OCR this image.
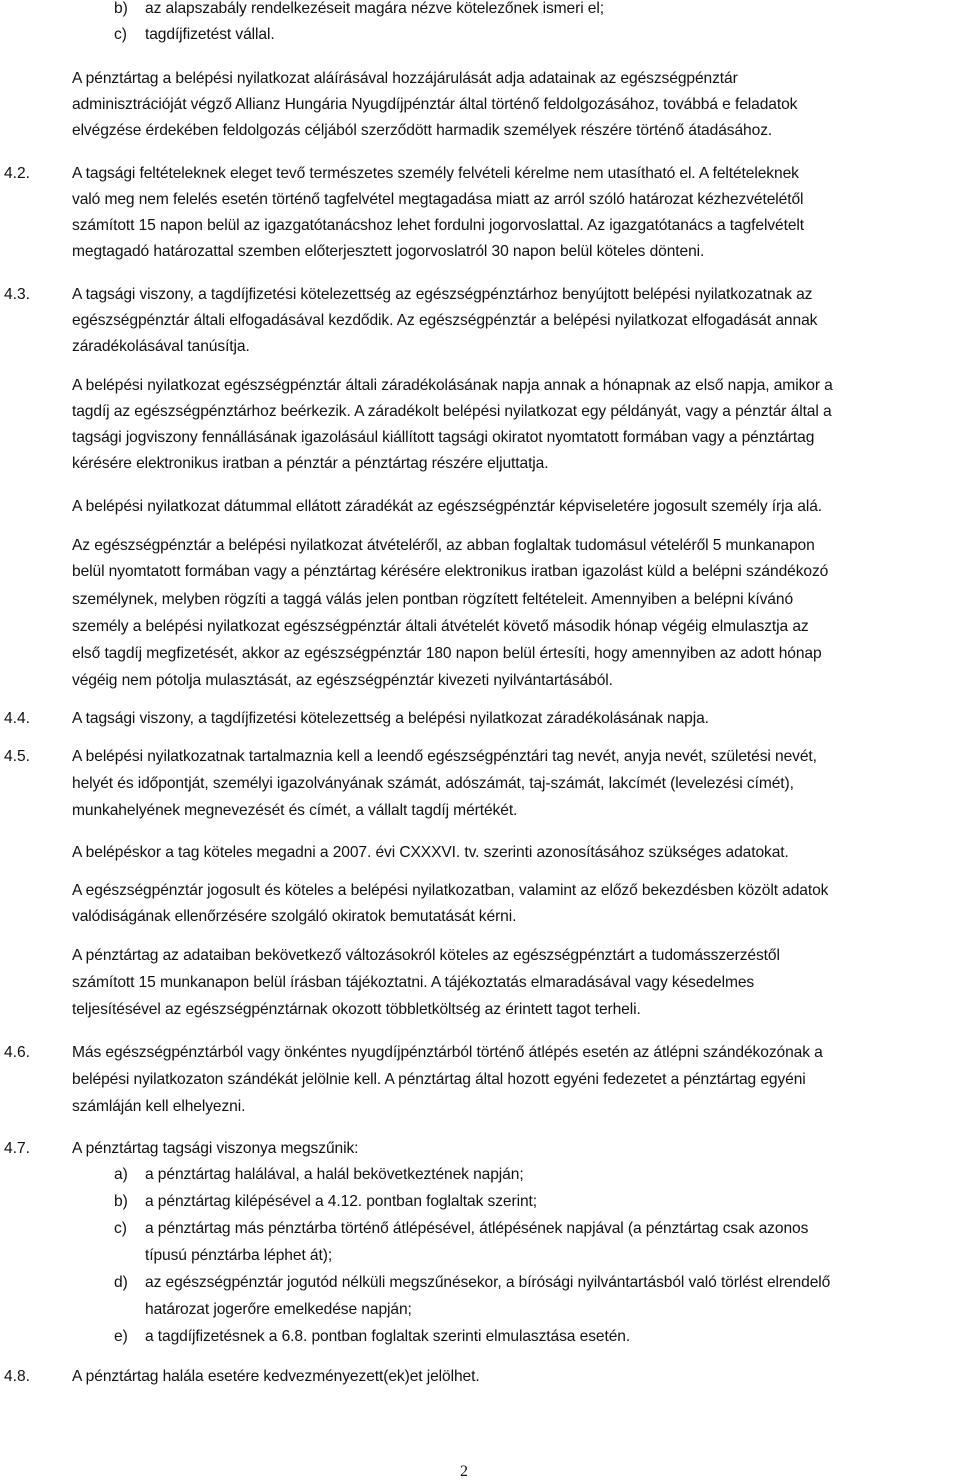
b) az alapszabály rendelkezéseit magára nézve kötelezőnek ismeri el;
c) tagdíjfizetést vállal.
A pénztártag a belépési nyilatkozat aláírásával hozzájárulását adja adatainak az egészségpénztár
adminisztrációját végző Allianz Hungária Nyugdíjpénztár által történő feldolgozásához, továbbá e feladatok
elvégzése érdekében feldolgozás céljából szerződött harmadik személyek részére történő átadásához.
4.2.	A tagsági feltételeknek eleget tevő természetes személy felvételi kérelme nem utasítható el. A feltételeknek
való meg nem felelés esetén történő tagfelvétel megtagadása miatt az arról szóló határozat kézhezvételétől
számított 15 napon belül az igazgatótanácshoz lehet fordulni jogorvoslattal. Az igazgatótanács a tagfelvételt
megtagadó határozattal szemben előterjesztett jogorvoslatról 30 napon belül köteles dönteni.
4.3.	A tagsági viszony, a tagdíjfizetési kötelezettség az egészségpénztárhoz benyújtott belépési nyilatkozatnak az
egészségpénztár általi elfogadásával kezdődik. Az egészségpénztár a belépési nyilatkozat elfogadását annak
záradékolásával tanúsítja.
A belépési nyilatkozat egészségpénztár általi záradékolásának napja annak a hónapnak az első napja, amikor a
tagdíj az egészségpénztárhoz beérkezik. A záradékolt belépési nyilatkozat egy példányát, vagy a pénztár által a
tagsági jogviszony fennállásának igazolásául kiállított tagsági okiratot nyomtatott formában vagy a pénztártag
kérésére elektronikus iratban a pénztár a pénztártag részére eljuttatja.
A belépési nyilatkozat dátummal ellátott záradékát az egészségpénztár képviseletére jogosult személy írja alá.
Az egészségpénztár a belépési nyilatkozat átvételéről, az abban foglaltak tudomásul vételéről 5 munkanapon
belül nyomtatott formában vagy a pénztártag kérésére elektronikus iratban igazolást küld a belépni szándékozó
személynek, melyben rögzíti a taggá válás jelen pontban rögzített feltételeit. Amennyiben a belépni kívánó
személy a belépési nyilatkozat egészségpénztár általi átvételét követő második hónap végéig elmulasztja az
első tagdíj megfizetését, akkor az egészségpénztár 180 napon belül értesíti, hogy amennyiben az adott hónap
végéig nem pótolja mulasztását, az egészségpénztár kivezeti nyilvántartásából.
4.4.	A tagsági viszony, a tagdíjfizetési kötelezettség a belépési nyilatkozat záradékolásának napja.
4.5.	A belépési nyilatkozatnak tartalmaznia kell a leendő egészségpénztári tag nevét, anyja nevét, születési nevét,
helyét és időpontját, személyi igazolványának számát, adószámát, taj-számát, lakcímét (levelezési címét),
munkahelyének megnevezését és címét, a vállalt tagdíj mértékét.
A belépéskor a tag köteles megadni a 2007. évi CXXXVI. tv. szerinti azonosításához szükséges adatokat.
A egészségpénztár jogosult és köteles a belépési nyilatkozatban, valamint az előző bekezdésben közölt adatok
valódiságának ellenőrzésére szolgáló okiratok bemutatását kérni.
A pénztártag az adataiban bekövetkező változásokról köteles az egészségpénztárt a tudomásszerzéstől
számított 15 munkanapon belül írásban tájékoztatni. A tájékoztatás elmaradásával vagy késedelmes
teljesítésével az egészségpénztárnak okozott többletköltség az érintett tagot terheli.
4.6.	Más egészségpénztárból vagy önkéntes nyugdíjpénztárból történő átlépés esetén az átlépni szándékozónak a
belépési nyilatkozaton szándékát jelölnie kell. A pénztártag által hozott egyéni fedezetet a pénztártag egyéni
számláján kell elhelyezni.
4.7.	A pénztártag tagsági viszonya megszűnik:
a) a pénztártag halálával, a halál bekövetkeztének napján;
b) a pénztártag kilépésével a 4.12. pontban foglaltak szerint;
c) a pénztártag más pénztárba történő átlépésével, átlépésének napjával (a pénztártag csak azonos
típusú pénztárba léphet át);
d) az egészségpénztár jogutód nélküli megszűnésekor, a bírósági nyilvántartásból való törlést elrendelő
határozat jogerőre emelkedése napján;
e) a tagdíjfizetésnek a 6.8. pontban foglaltak szerinti elmulasztása esetén.
4.8.	A pénztártag halála esetére kedvezményezett(ek)et jelölhet.
2
